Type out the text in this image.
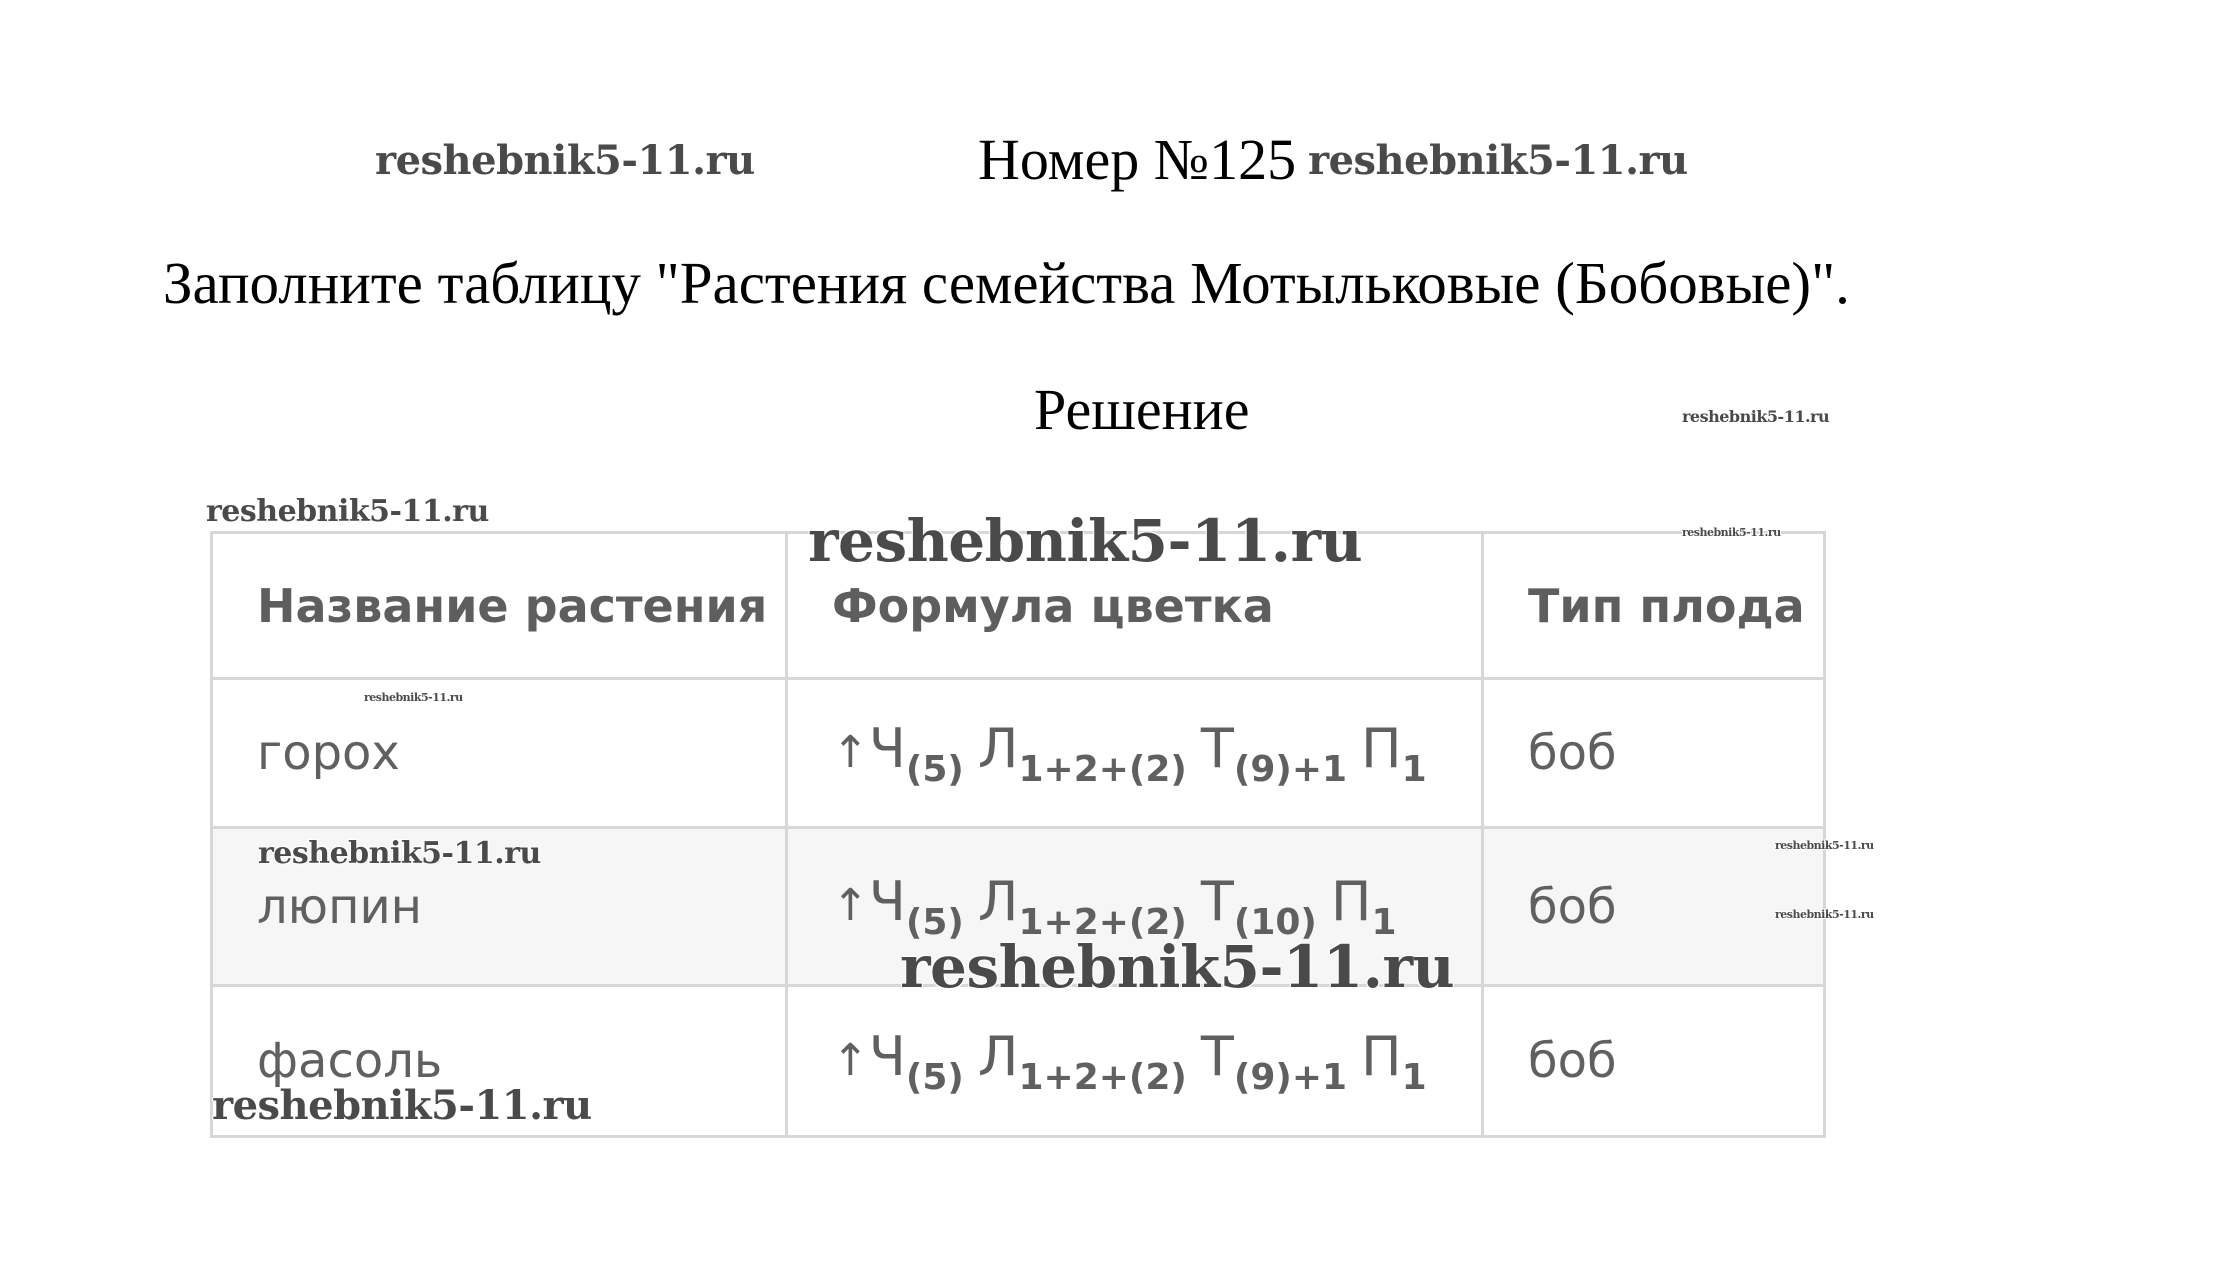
Номер №125
Заполните таблицу "Растения семейства Мотыльковые (Бобовые)".
Решение
Название растения	Формула цветка	Тип плода
горох	$↑Ч_{(5)}$ $Л_{1+2+(2)}$ $Т_{(9)+1}$ $П_1$	боб
люпин	$↑Ч_{(5)}$ $Л_{1+2+(2)}$ $Т_{(10)}$ $П_1$	боб
фасоль	$↑Ч_{(5)}$ $Л_{1+2+(2)}$ $Т_{(9)+1}$ $П_1$	боб
reshebnik5-11.ru	reshebnik5-11.ru
reshebnik5-11.ru
reshebnik5-11.ru	reshebnik5-11.ru	reshebnik5-11.ru
reshebnik5-11.ru
reshebnik5-11.ru	reshebnik5-11.ru
reshebnik5-11.ru
reshebnik5-11.ru
reshebnik5-11.ru
